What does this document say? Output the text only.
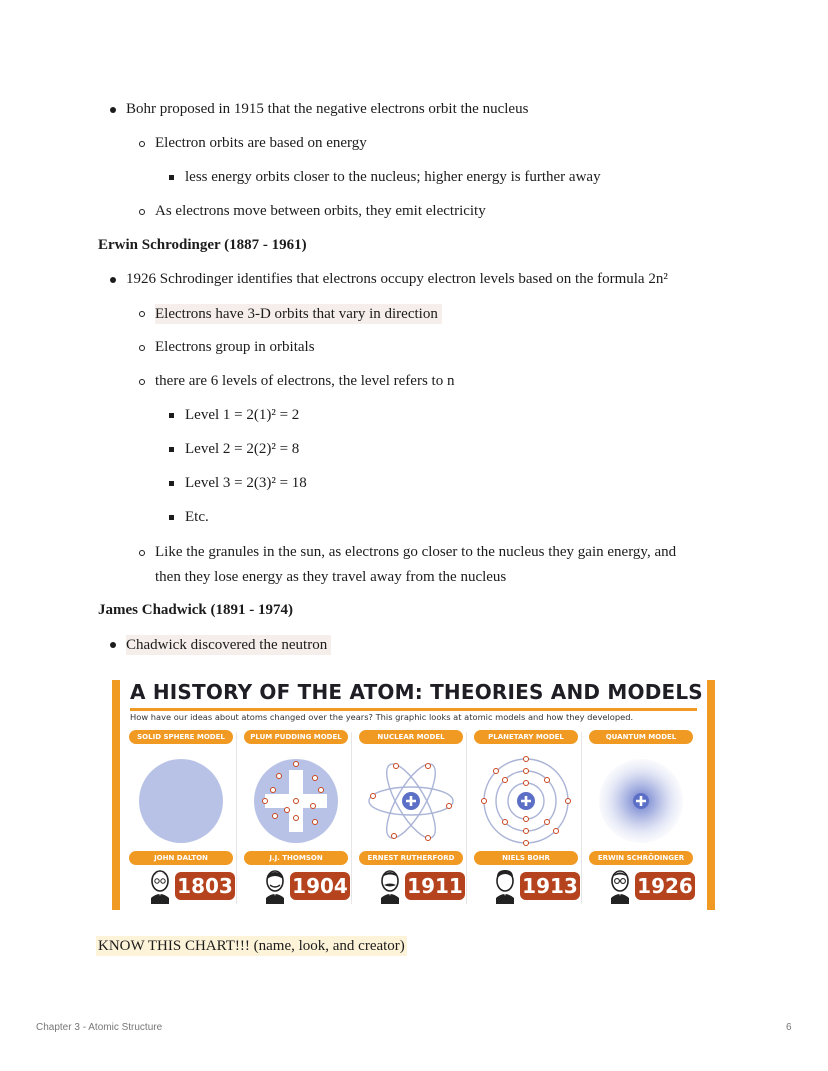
Bohr proposed in 1915 that the negative electrons orbit the nucleus
Electron orbits are based on energy
less energy orbits closer to the nucleus; higher energy is further away
As electrons move between orbits, they emit electricity
Erwin Schrodinger (1887 - 1961)
1926 Schrodinger identifies that electrons occupy electron levels based on the formula 2n²
Electrons have 3-D orbits that vary in direction
Electrons group in orbitals
there are 6 levels of electrons, the level refers to n
Level 1 = 2(1)² = 2
Level 2 = 2(2)² = 8
Level 3 = 2(3)² = 18
Etc.
Like the granules in the sun, as electrons go closer to the nucleus they gain energy, and
then they lose energy as they travel away from the nucleus
James Chadwick (1891 - 1974)
Chadwick discovered the neutron
A HISTORY OF THE ATOM: THEORIES AND MODELS
How have our ideas about atoms changed over the years? This graphic looks at atomic models and how they developed.
SOLID SPHERE MODEL
JOHN DALTON
1803
PLUM PUDDING MODEL
J.J. THOMSON
1904
NUCLEAR MODEL
ERNEST RUTHERFORD
1911
PLANETARY MODEL
NIELS BOHR
1913
QUANTUM MODEL
ERWIN SCHRÖDINGER
1926
KNOW THIS CHART!!! (name, look, and creator)
Chapter 3 - Atomic Structure	6
